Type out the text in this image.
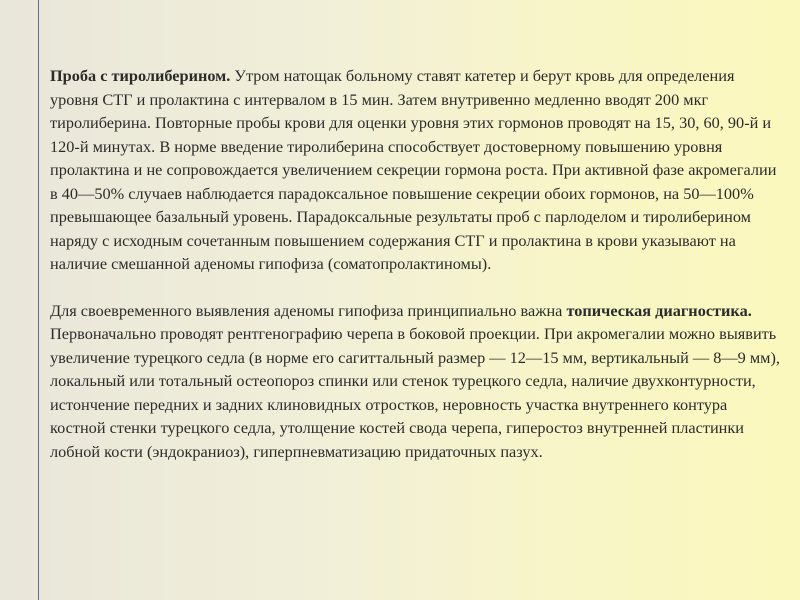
Проба с тиролиберином. Утром натощак больному ставят катетер и берут кровь для определения уровня СТГ и пролактина с интервалом в 15 мин. Затем внутривенно медленно вводят 200 мкг тиролиберина. Повторные пробы крови для оценки уровня этих гормонов проводят на 15, 30, 60, 90-й и 120-й минутах. В норме введение тиролиберина способствует достоверному повышению уровня пролактина и не сопровождается увеличением секреции гормона роста. При активной фазе акромегалии в 40—50% случаев наблюдается парадоксальное повышение секреции обоих гормонов, на 50—100% превышающее базальный уровень. Парадоксальные результаты проб с парлоделом и тиролиберином наряду с исходным сочетанным повышением содержания СТГ и пролактина в крови указывают на наличие смешанной аденомы гипофиза (соматопролактиномы).

Для своевременного выявления аденомы гипофиза принципиально важна топическая диагностика. Первоначально проводят рентгенографию черепа в боковой проекции. При акромегалии можно выявить увеличение турецкого седла (в норме его сагиттальный размер — 12—15 мм, вертикальный — 8—9 мм), локальный или тотальный остеопороз спинки или стенок турецкого седла, наличие двухконтурности, истончение передних и задних клиновидных отростков, неровность участка внутреннего контура костной стенки турецкого седла, утолщение костей свода черепа, гиперостоз внутренней пластинки лобной кости (эндокраниоз), гиперпневматизацию придаточных пазух.
